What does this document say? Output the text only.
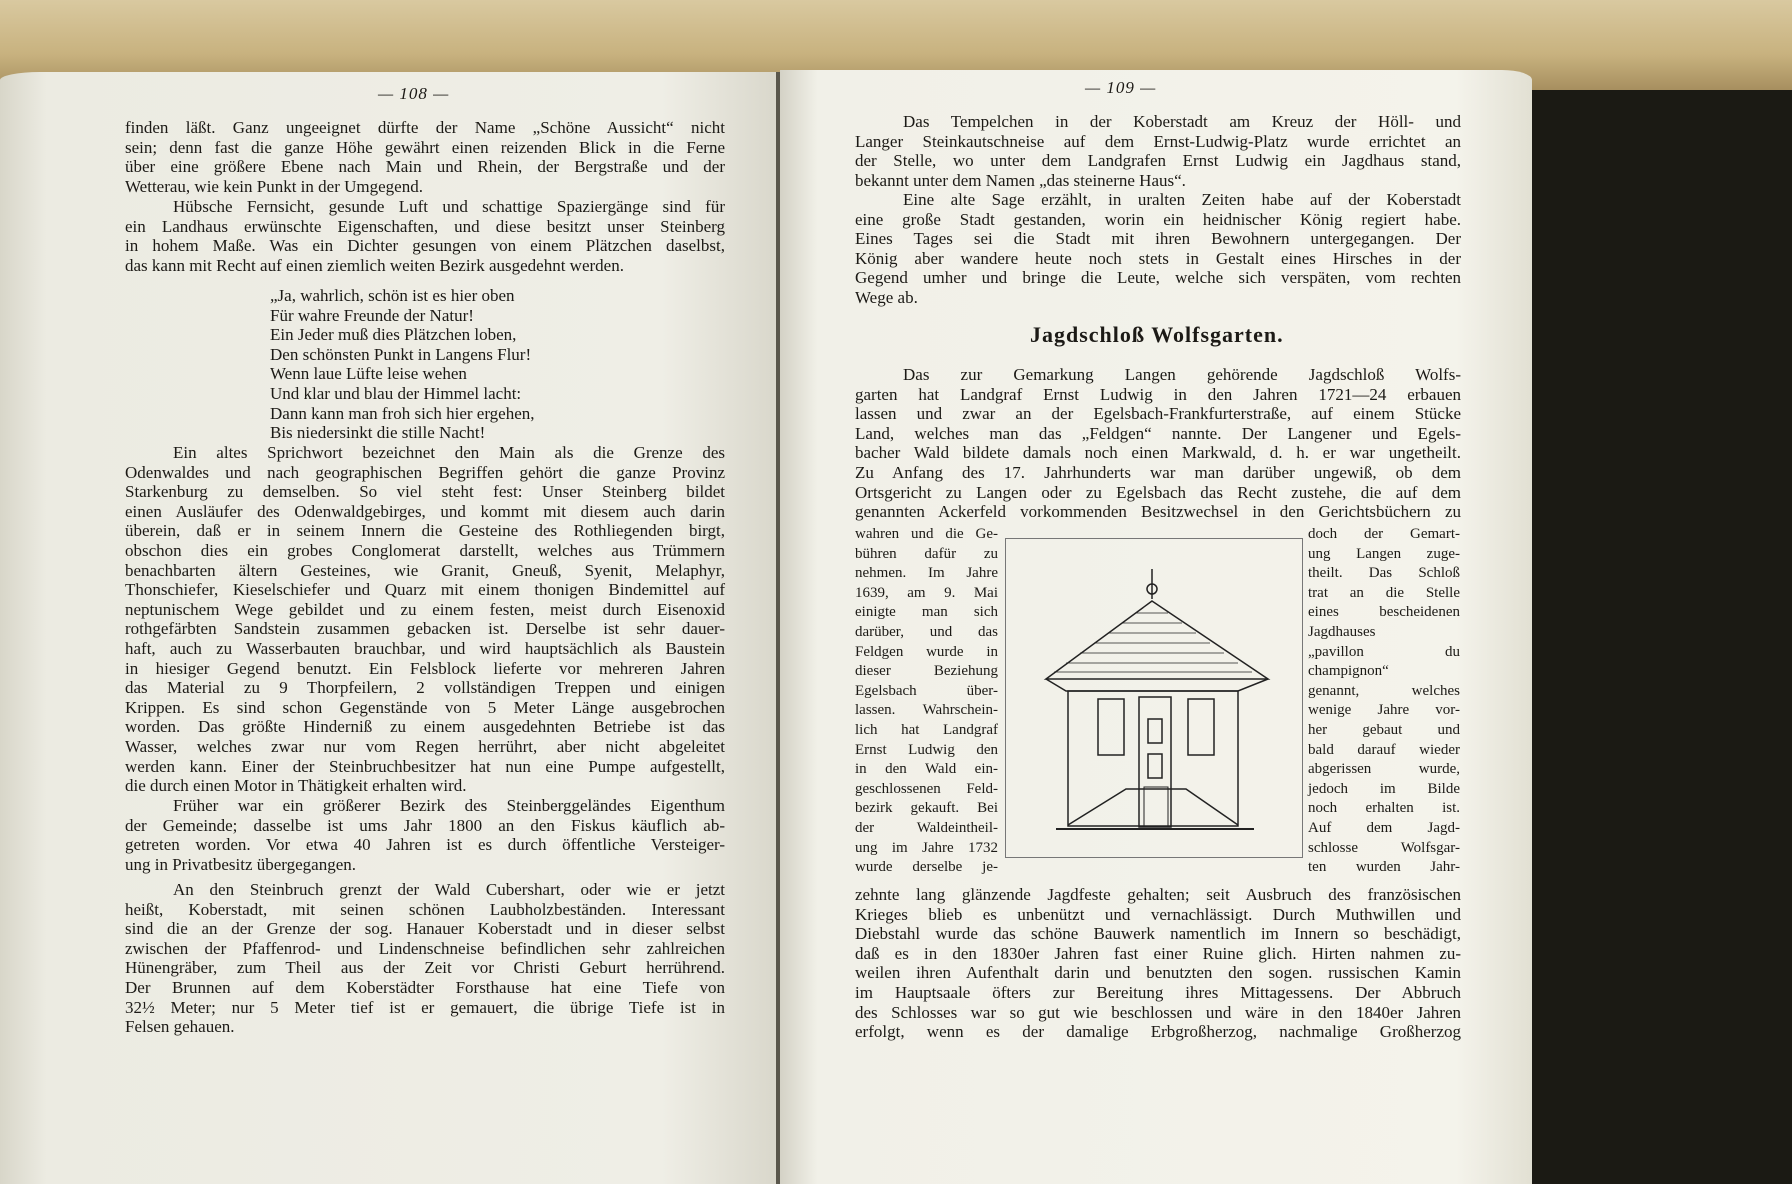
— 108 —	— 109 —
Jagdschloß Wolfsgarten.
finden läßt. Ganz ungeeignet dürfte der Name „Schöne Aussicht“ nicht
sein; denn fast die ganze Höhe gewährt einen reizenden Blick in die Ferne
über eine größere Ebene nach Main und Rhein, der Bergstraße und der
Wetterau, wie kein Punkt in der Umgegend.
Hübsche Fernsicht, gesunde Luft und schattige Spaziergänge sind für
ein Landhaus erwünschte Eigenschaften, und diese besitzt unser Steinberg
in hohem Maße. Was ein Dichter gesungen von einem Plätzchen daselbst,
das kann mit Recht auf einen ziemlich weiten Bezirk ausgedehnt werden.
„Ja, wahrlich, schön ist es hier oben
Für wahre Freunde der Natur!
Ein Jeder muß dies Plätzchen loben,
Den schönsten Punkt in Langens Flur!
Wenn laue Lüfte leise wehen
Und klar und blau der Himmel lacht:
Dann kann man froh sich hier ergehen,
Bis niedersinkt die stille Nacht!
Ein altes Sprichwort bezeichnet den Main als die Grenze des
Odenwaldes und nach geographischen Begriffen gehört die ganze Provinz
Starkenburg zu demselben. So viel steht fest: Unser Steinberg bildet
einen Ausläufer des Odenwaldgebirges, und kommt mit diesem auch darin
überein, daß er in seinem Innern die Gesteine des Rothliegenden birgt,
obschon dies ein grobes Conglomerat darstellt, welches aus Trümmern
benachbarten ältern Gesteines, wie Granit, Gneuß, Syenit, Melaphyr,
Thonschiefer, Kieselschiefer und Quarz mit einem thonigen Bindemittel auf
neptunischem Wege gebildet und zu einem festen, meist durch Eisenoxid
rothgefärbten Sandstein zusammen gebacken ist. Derselbe ist sehr dauer-
haft, auch zu Wasserbauten brauchbar, und wird hauptsächlich als Baustein
in hiesiger Gegend benutzt. Ein Felsblock lieferte vor mehreren Jahren
das Material zu 9 Thorpfeilern, 2 vollständigen Treppen und einigen
Krippen. Es sind schon Gegenstände von 5 Meter Länge ausgebrochen
worden. Das größte Hinderniß zu einem ausgedehnten Betriebe ist das
Wasser, welches zwar nur vom Regen herrührt, aber nicht abgeleitet
werden kann. Einer der Steinbruchbesitzer hat nun eine Pumpe aufgestellt,
die durch einen Motor in Thätigkeit erhalten wird.
Früher war ein größerer Bezirk des Steinberggeländes Eigenthum
der Gemeinde; dasselbe ist ums Jahr 1800 an den Fiskus käuflich ab-
getreten worden. Vor etwa 40 Jahren ist es durch öffentliche Versteiger-
ung in Privatbesitz übergegangen.
An den Steinbruch grenzt der Wald Cubershart, oder wie er jetzt
heißt, Koberstadt, mit seinen schönen Laubholzbeständen. Interessant
sind die an der Grenze der sog. Hanauer Koberstadt und in dieser selbst
zwischen der Pfaffenrod- und Lindenschneise befindlichen sehr zahlreichen
Hünengräber, zum Theil aus der Zeit vor Christi Geburt herrührend.
Der Brunnen auf dem Koberstädter Forsthause hat eine Tiefe von
32½ Meter; nur 5 Meter tief ist er gemauert, die übrige Tiefe ist in
Felsen gehauen.
Das Tempelchen in der Koberstadt am Kreuz der Höll- und
Langer Steinkautschneise auf dem Ernst-Ludwig-Platz wurde errichtet an
der Stelle, wo unter dem Landgrafen Ernst Ludwig ein Jagdhaus stand,
bekannt unter dem Namen „das steinerne Haus“.
Eine alte Sage erzählt, in uralten Zeiten habe auf der Koberstadt
eine große Stadt gestanden, worin ein heidnischer König regiert habe.
Eines Tages sei die Stadt mit ihren Bewohnern untergegangen. Der
König aber wandere heute noch stets in Gestalt eines Hirsches in der
Gegend umher und bringe die Leute, welche sich verspäten, vom rechten
Wege ab.
Das zur Gemarkung Langen gehörende Jagdschloß Wolfs-
garten hat Landgraf Ernst Ludwig in den Jahren 1721—24 erbauen
lassen und zwar an der Egelsbach-Frankfurterstraße, auf einem Stücke
Land, welches man das „Feldgen“ nannte. Der Langener und Egels-
bacher Wald bildete damals noch einen Markwald, d. h. er war ungetheilt.
Zu Anfang des 17. Jahrhunderts war man darüber ungewiß, ob dem
Ortsgericht zu Langen oder zu Egelsbach das Recht zustehe, die auf dem
genannten Ackerfeld vorkommenden Besitzwechsel in den Gerichtsbüchern zu
wahren und die Ge-
bühren dafür zu
nehmen. Im Jahre
1639, am 9. Mai
einigte man sich
darüber, und das
Feldgen wurde in
dieser Beziehung
Egelsbach über-
lassen. Wahrschein-
lich hat Landgraf
Ernst Ludwig den
in den Wald ein-
geschlossenen Feld-
bezirk gekauft. Bei
der Waldeintheil-
ung im Jahre 1732
wurde derselbe je-
doch der Gemart-
ung Langen zuge-
theilt. Das Schloß
trat an die Stelle
eines bescheidenen
Jagdhauses
„pavillon du
champignon“
genannt, welches
wenige Jahre vor-
her gebaut und
bald darauf wieder
abgerissen wurde,
jedoch im Bilde
noch erhalten ist.
Auf dem Jagd-
schlosse Wolfsgar-
ten wurden Jahr-
zehnte lang glänzende Jagdfeste gehalten; seit Ausbruch des französischen
Krieges blieb es unbenützt und vernachlässigt. Durch Muthwillen und
Diebstahl wurde das schöne Bauwerk namentlich im Innern so beschädigt,
daß es in den 1830er Jahren fast einer Ruine glich. Hirten nahmen zu-
weilen ihren Aufenthalt darin und benutzten den sogen. russischen Kamin
im Hauptsaale öfters zur Bereitung ihres Mittagessens. Der Abbruch
des Schlosses war so gut wie beschlossen und wäre in den 1840er Jahren
erfolgt, wenn es der damalige Erbgroßherzog, nachmalige Großherzog
